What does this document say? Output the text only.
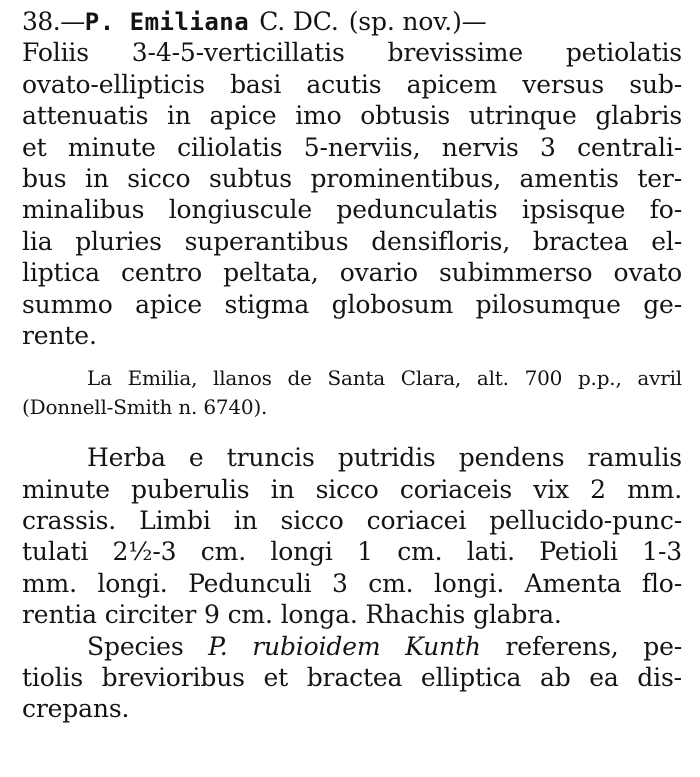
38.—P. Emiliana C. DC. (sp. nov.)—
Foliis 3-4-5-verticillatis brevissime petiolatis
ovato-ellipticis basi acutis apicem versus sub-
attenuatis in apice imo obtusis utrinque glabris
et minute ciliolatis 5-nerviis, nervis 3 centrali-
bus in sicco subtus prominentibus, amentis ter-
minalibus longiuscule pedunculatis ipsisque fo-
lia pluries superantibus densifloris, bractea el-
liptica centro peltata, ovario subimmerso ovato
summo apice stigma globosum pilosumque ge-
rente.
La Emilia, llanos de Santa Clara, alt. 700 p.p., avril
(Donnell-Smith n. 6740).
Herba e truncis putridis pendens ramulis
minute puberulis in sicco coriaceis vix 2 mm.
crassis. Limbi in sicco coriacei pellucido-punc-
tulati 2½-3 cm. longi 1 cm. lati. Petioli 1-3
mm. longi. Pedunculi 3 cm. longi. Amenta flo-
rentia circiter 9 cm. longa. Rhachis glabra.
Species P. rubioidem Kunth referens, pe-
tiolis brevioribus et bractea elliptica ab ea dis-
crepans.
